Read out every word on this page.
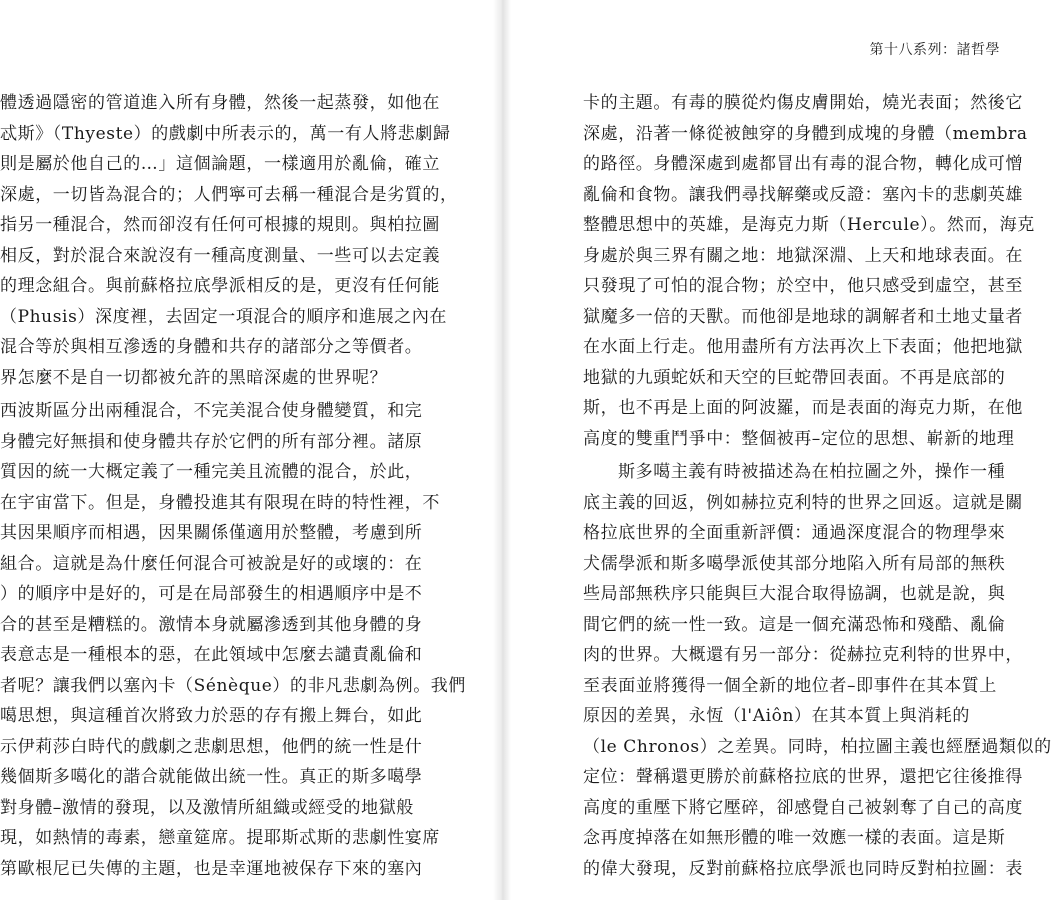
第十八系列：諸哲學
體透過隱密的管道進入所有身體，然後一起蒸發，如他在
忒斯》（Thyeste）的戲劇中所表示的，萬一有人將悲劇歸
則是屬於他自己的…」這個論題，一樣適用於亂倫，確立
深處，一切皆為混合的；人們寧可去稱一種混合是劣質的，
指另一種混合，然而卻沒有任何可根據的規則。與柏拉圖
相反，對於混合來說沒有一種高度測量、一些可以去定義
的理念組合。與前蘇格拉底學派相反的是，更沒有任何能
（Phusis）深度裡，去固定一項混合的順序和進展之內在
混合等於與相互滲透的身體和共存的諸部分之等價者。
界怎麼不是自一切都被允許的黑暗深處的世界呢？
西波斯區分出兩種混合，不完美混合使身體變質，和完
身體完好無損和使身體共存於它們的所有部分裡。諸原
質因的統一大概定義了一種完美且流體的混合，於此，
在宇宙當下。但是，身體投進其有限現在時的特性裡，不
其因果順序而相遇，因果關係僅適用於整體，考慮到所
組合。這就是為什麼任何混合可被說是好的或壞的：在
）的順序中是好的，可是在局部發生的相遇順序中是不
合的甚至是糟糕的。激情本身就屬滲透到其他身體的身
表意志是一種根本的惡，在此領域中怎麼去譴責亂倫和
者呢？讓我們以塞內卡（Sénèque）的非凡悲劇為例。我們
噶思想，與這種首次將致力於惡的存有搬上舞台，如此
示伊莉莎白時代的戲劇之悲劇思想，他們的統一性是什
幾個斯多噶化的諧合就能做出統一性。真正的斯多噶學
對身體–激情的發現，以及激情所組織或經受的地獄般
現，如熱情的毒素，戀童筵席。提耶斯忒斯的悲劇性宴席
第歐根尼已失傳的主題，也是幸運地被保存下來的塞內
卡的主題。有毒的膜從灼傷皮膚開始，燒光表面；然後它
深處，沿著一條從被蝕穿的身體到成塊的身體（membra
的路徑。身體深處到處都冒出有毒的混合物，轉化成可憎
亂倫和食物。讓我們尋找解藥或反證：塞內卡的悲劇英雄
整體思想中的英雄，是海克力斯（Hercule）。然而，海克
身處於與三界有關之地：地獄深淵、上天和地球表面。在
只發現了可怕的混合物；於空中，他只感受到虛空，甚至
獄魔多一倍的天獸。而他卻是地球的調解者和土地丈量者
在水面上行走。他用盡所有方法再次上下表面；他把地獄
地獄的九頭蛇妖和天空的巨蛇帶回表面。不再是底部的
斯，也不再是上面的阿波羅，而是表面的海克力斯，在他
高度的雙重鬥爭中：整個被再–定位的思想、嶄新的地理
斯多噶主義有時被描述為在柏拉圖之外，操作一種
底主義的回返，例如赫拉克利特的世界之回返。這就是關
格拉底世界的全面重新評價：通過深度混合的物理學來
犬儒學派和斯多噶學派使其部分地陷入所有局部的無秩
些局部無秩序只能與巨大混合取得協調，也就是說，與
間它們的統一性一致。這是一個充滿恐怖和殘酷、亂倫
肉的世界。大概還有另一部分：從赫拉克利特的世界中，
至表面並將獲得一個全新的地位者–即事件在其本質上
原因的差異，永恆（l'Aiôn）在其本質上與消耗的
（le Chronos）之差異。同時，柏拉圖主義也經歷過類似的
定位：聲稱還更勝於前蘇格拉底的世界，還把它往後推得
高度的重壓下將它壓碎，卻感覺自己被剝奪了自己的高度
念再度掉落在如無形體的唯一效應一樣的表面。這是斯
的偉大發現，反對前蘇格拉底學派也同時反對柏拉圖：表
